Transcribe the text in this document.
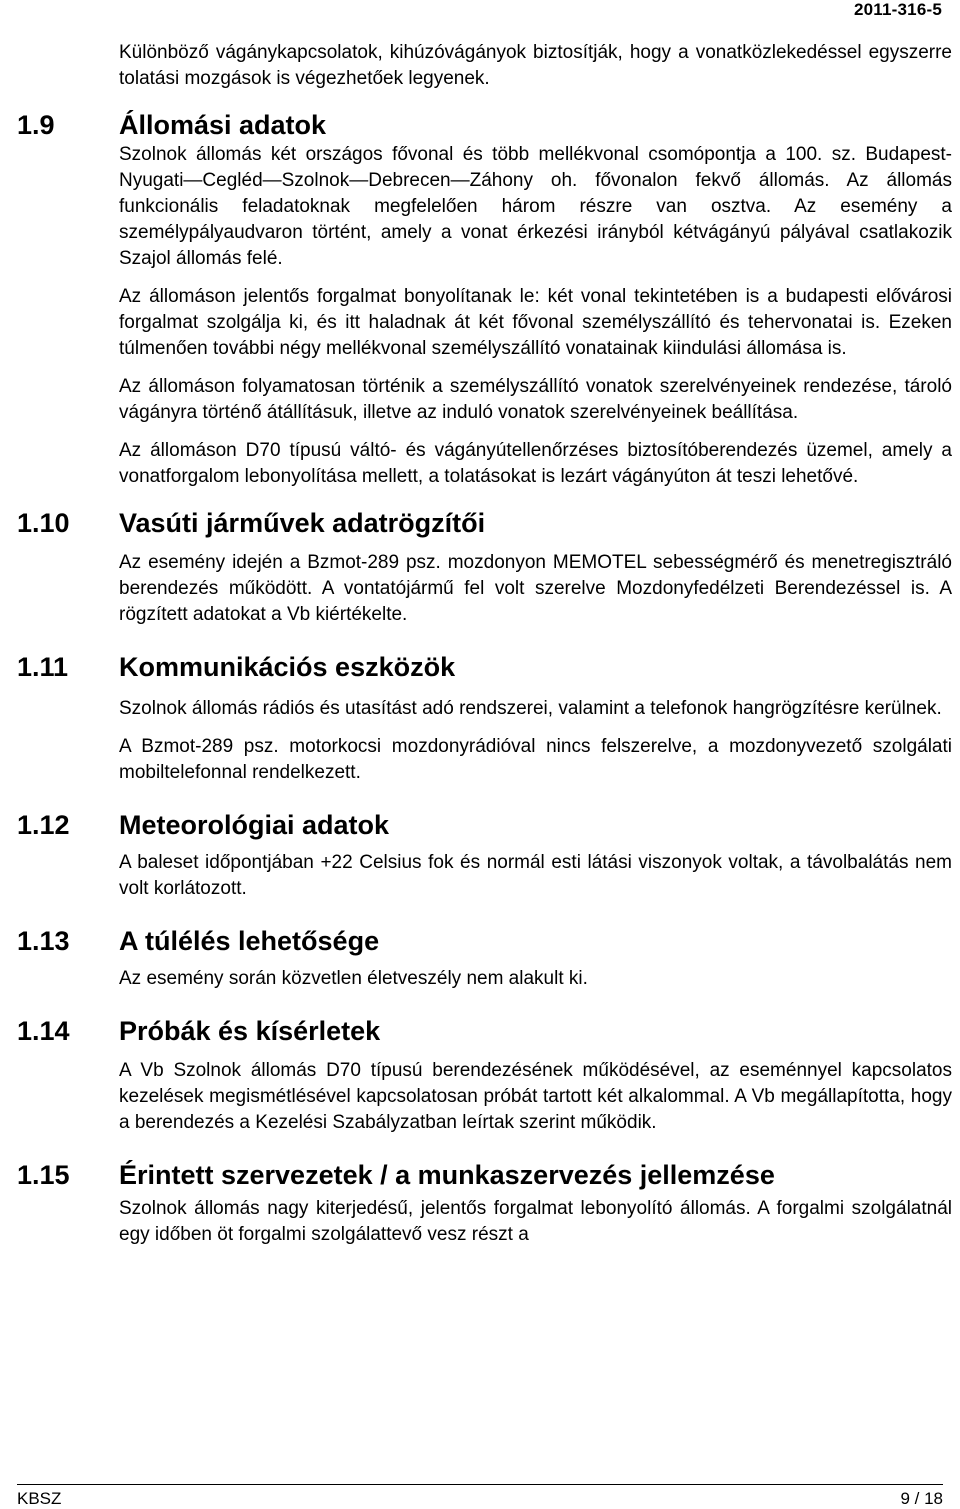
2011-316-5
Különböző vágánykapcsolatok, kihúzóvágányok biztosítják, hogy a vonatközlekedéssel egyszerre tolatási mozgások is végezhetőek legyenek.
1.9	Állomási adatok
Szolnok állomás két országos fővonal és több mellékvonal csomópontja a 100. sz. Budapest-Nyugati—Cegléd—Szolnok—Debrecen—Záhony oh. fővonalon fekvő állomás. Az állomás funkcionális feladatoknak megfelelően három részre van osztva. Az esemény a személypályaudvaron történt, amely a vonat érkezési irányból kétvágányú pályával csatlakozik Szajol állomás felé.
Az állomáson jelentős forgalmat bonyolítanak le: két vonal tekintetében is a budapesti elővárosi forgalmat szolgálja ki, és itt haladnak át két fővonal személyszállító és tehervonatai is. Ezeken túlmenően további négy mellékvonal személyszállító vonatainak kiindulási állomása is.
Az állomáson folyamatosan történik a személyszállító vonatok szerelvényeinek rendezése, tároló vágányra történő átállításuk, illetve az induló vonatok szerelvényeinek beállítása.
Az állomáson D70 típusú váltó- és vágányútellenőrzéses biztosítóberendezés üzemel, amely a vonatforgalom lebonyolítása mellett, a tolatásokat is lezárt vágányúton át teszi lehetővé.
1.10	Vasúti járművek adatrögzítői
Az esemény idején a Bzmot-289 psz. mozdonyon MEMOTEL sebességmérő és menetregisztráló berendezés működött. A vontatójármű fel volt szerelve Mozdonyfedélzeti Berendezéssel is. A rögzített adatokat a Vb kiértékelte.
1.11	Kommunikációs eszközök
Szolnok állomás rádiós és utasítást adó rendszerei, valamint a telefonok hangrögzítésre kerülnek.
A Bzmot-289 psz. motorkocsi mozdonyrádióval nincs felszerelve, a mozdonyvezető szolgálati mobiltelefonnal rendelkezett.
1.12	Meteorológiai adatok
A baleset időpontjában +22 Celsius fok és normál esti látási viszonyok voltak, a távolbalátás nem volt korlátozott.
1.13	A túlélés lehetősége
Az esemény során közvetlen életveszély nem alakult ki.
1.14	Próbák és kísérletek
A Vb Szolnok állomás D70 típusú berendezésének működésével, az eseménnyel kapcsolatos kezelések megismétlésével kapcsolatosan próbát tartott két alkalommal. A Vb megállapította, hogy a berendezés a Kezelési Szabályzatban leírtak szerint működik.
1.15	Érintett szervezetek / a munkaszervezés jellemzése
Szolnok állomás nagy kiterjedésű, jelentős forgalmat lebonyolító állomás. A forgalmi szolgálatnál egy időben öt forgalmi szolgálattevő vesz részt a
KBSZ	9 / 18
